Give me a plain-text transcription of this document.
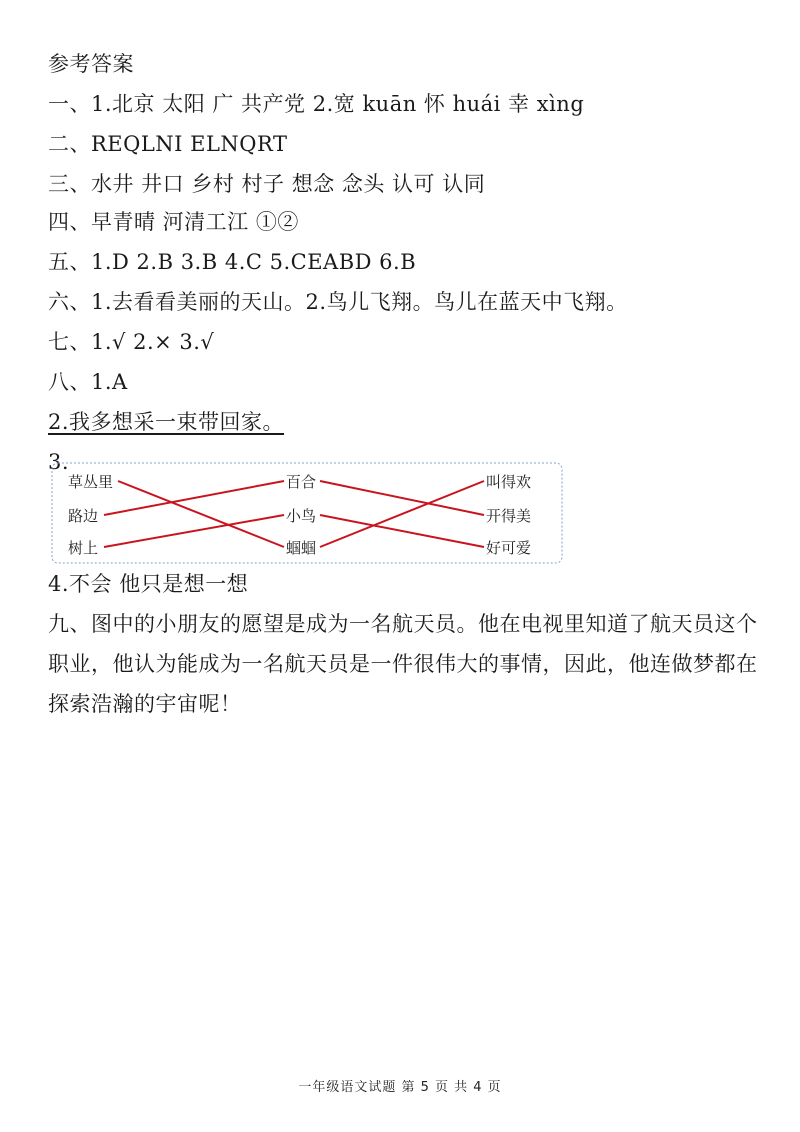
参考答案
一、1.北京 太阳 广 共产党 2.宽 kuān 怀 huái 幸 xìng
二、REQLNI ELNQRT
三、水井 井口 乡村 村子 想念 念头 认可 认同
四、早青晴 河清工江 ①②
五、1.D 2.B 3.B 4.C 5.CEABD 6.B
六、1.去看看美丽的天山。2.鸟儿飞翔。鸟儿在蓝天中飞翔。
七、1.√ 2.× 3.√
八、1.A
2.我多想采一束带回家。
3.
草丛里
路边
树上
百合
小鸟
蝈蝈
叫得欢
开得美
好可爱
4.不会 他只是想一想
九、图中的小朋友的愿望是成为一名航天员。他在电视里知道了航天员这个职业，他认为能成为一名航天员是一件很伟大的事情，因此，他连做梦都在探索浩瀚的宇宙呢！
一年级语文试题 第 5 页 共 4 页
